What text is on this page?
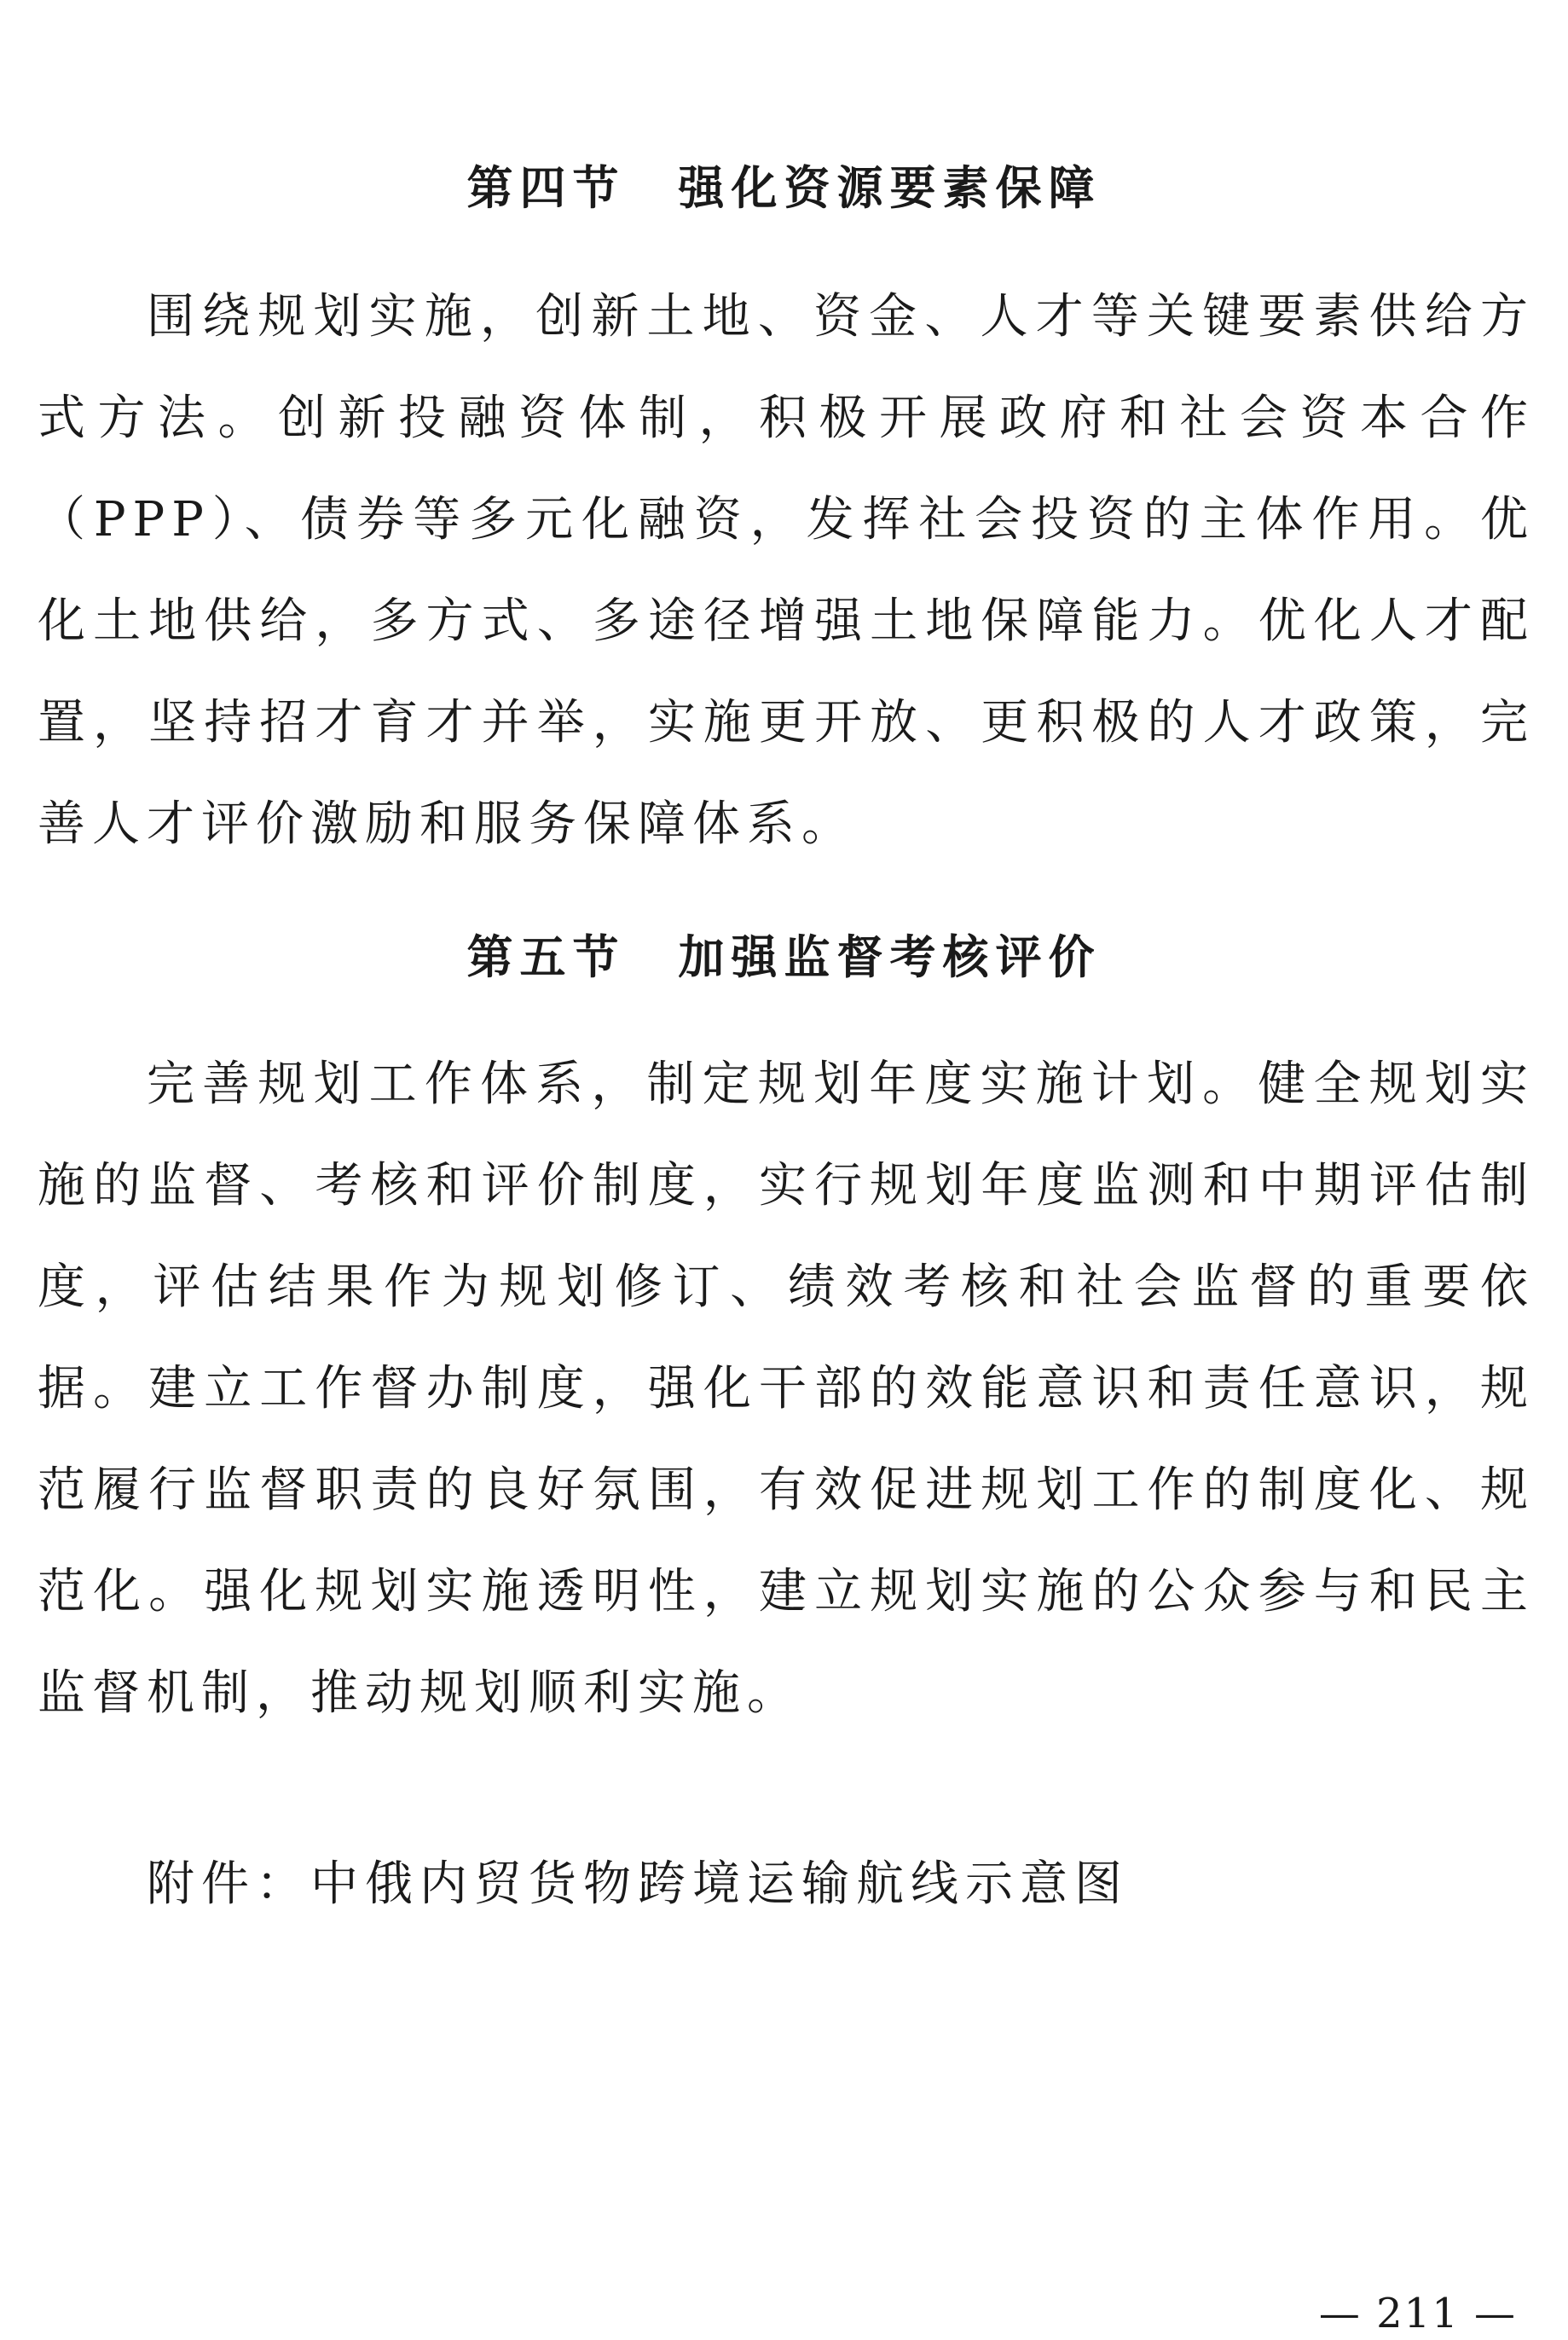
第四节　强化资源要素保障

围绕规划实施，创新土地、资金、人才等关键要素供给方式方法。创新投融资体制，积极开展政府和社会资本合作（PPP）、债券等多元化融资，发挥社会投资的主体作用。优化土地供给，多方式、多途径增强土地保障能力。优化人才配置，坚持招才育才并举，实施更开放、更积极的人才政策，完善人才评价激励和服务保障体系。

第五节　加强监督考核评价

完善规划工作体系，制定规划年度实施计划。健全规划实施的监督、考核和评价制度，实行规划年度监测和中期评估制度，评估结果作为规划修订、绩效考核和社会监督的重要依据。建立工作督办制度，强化干部的效能意识和责任意识，规范履行监督职责的良好氛围，有效促进规划工作的制度化、规范化。强化规划实施透明性，建立规划实施的公众参与和民主监督机制，推动规划顺利实施。

附件：中俄内贸货物跨境运输航线示意图
— 211 —
